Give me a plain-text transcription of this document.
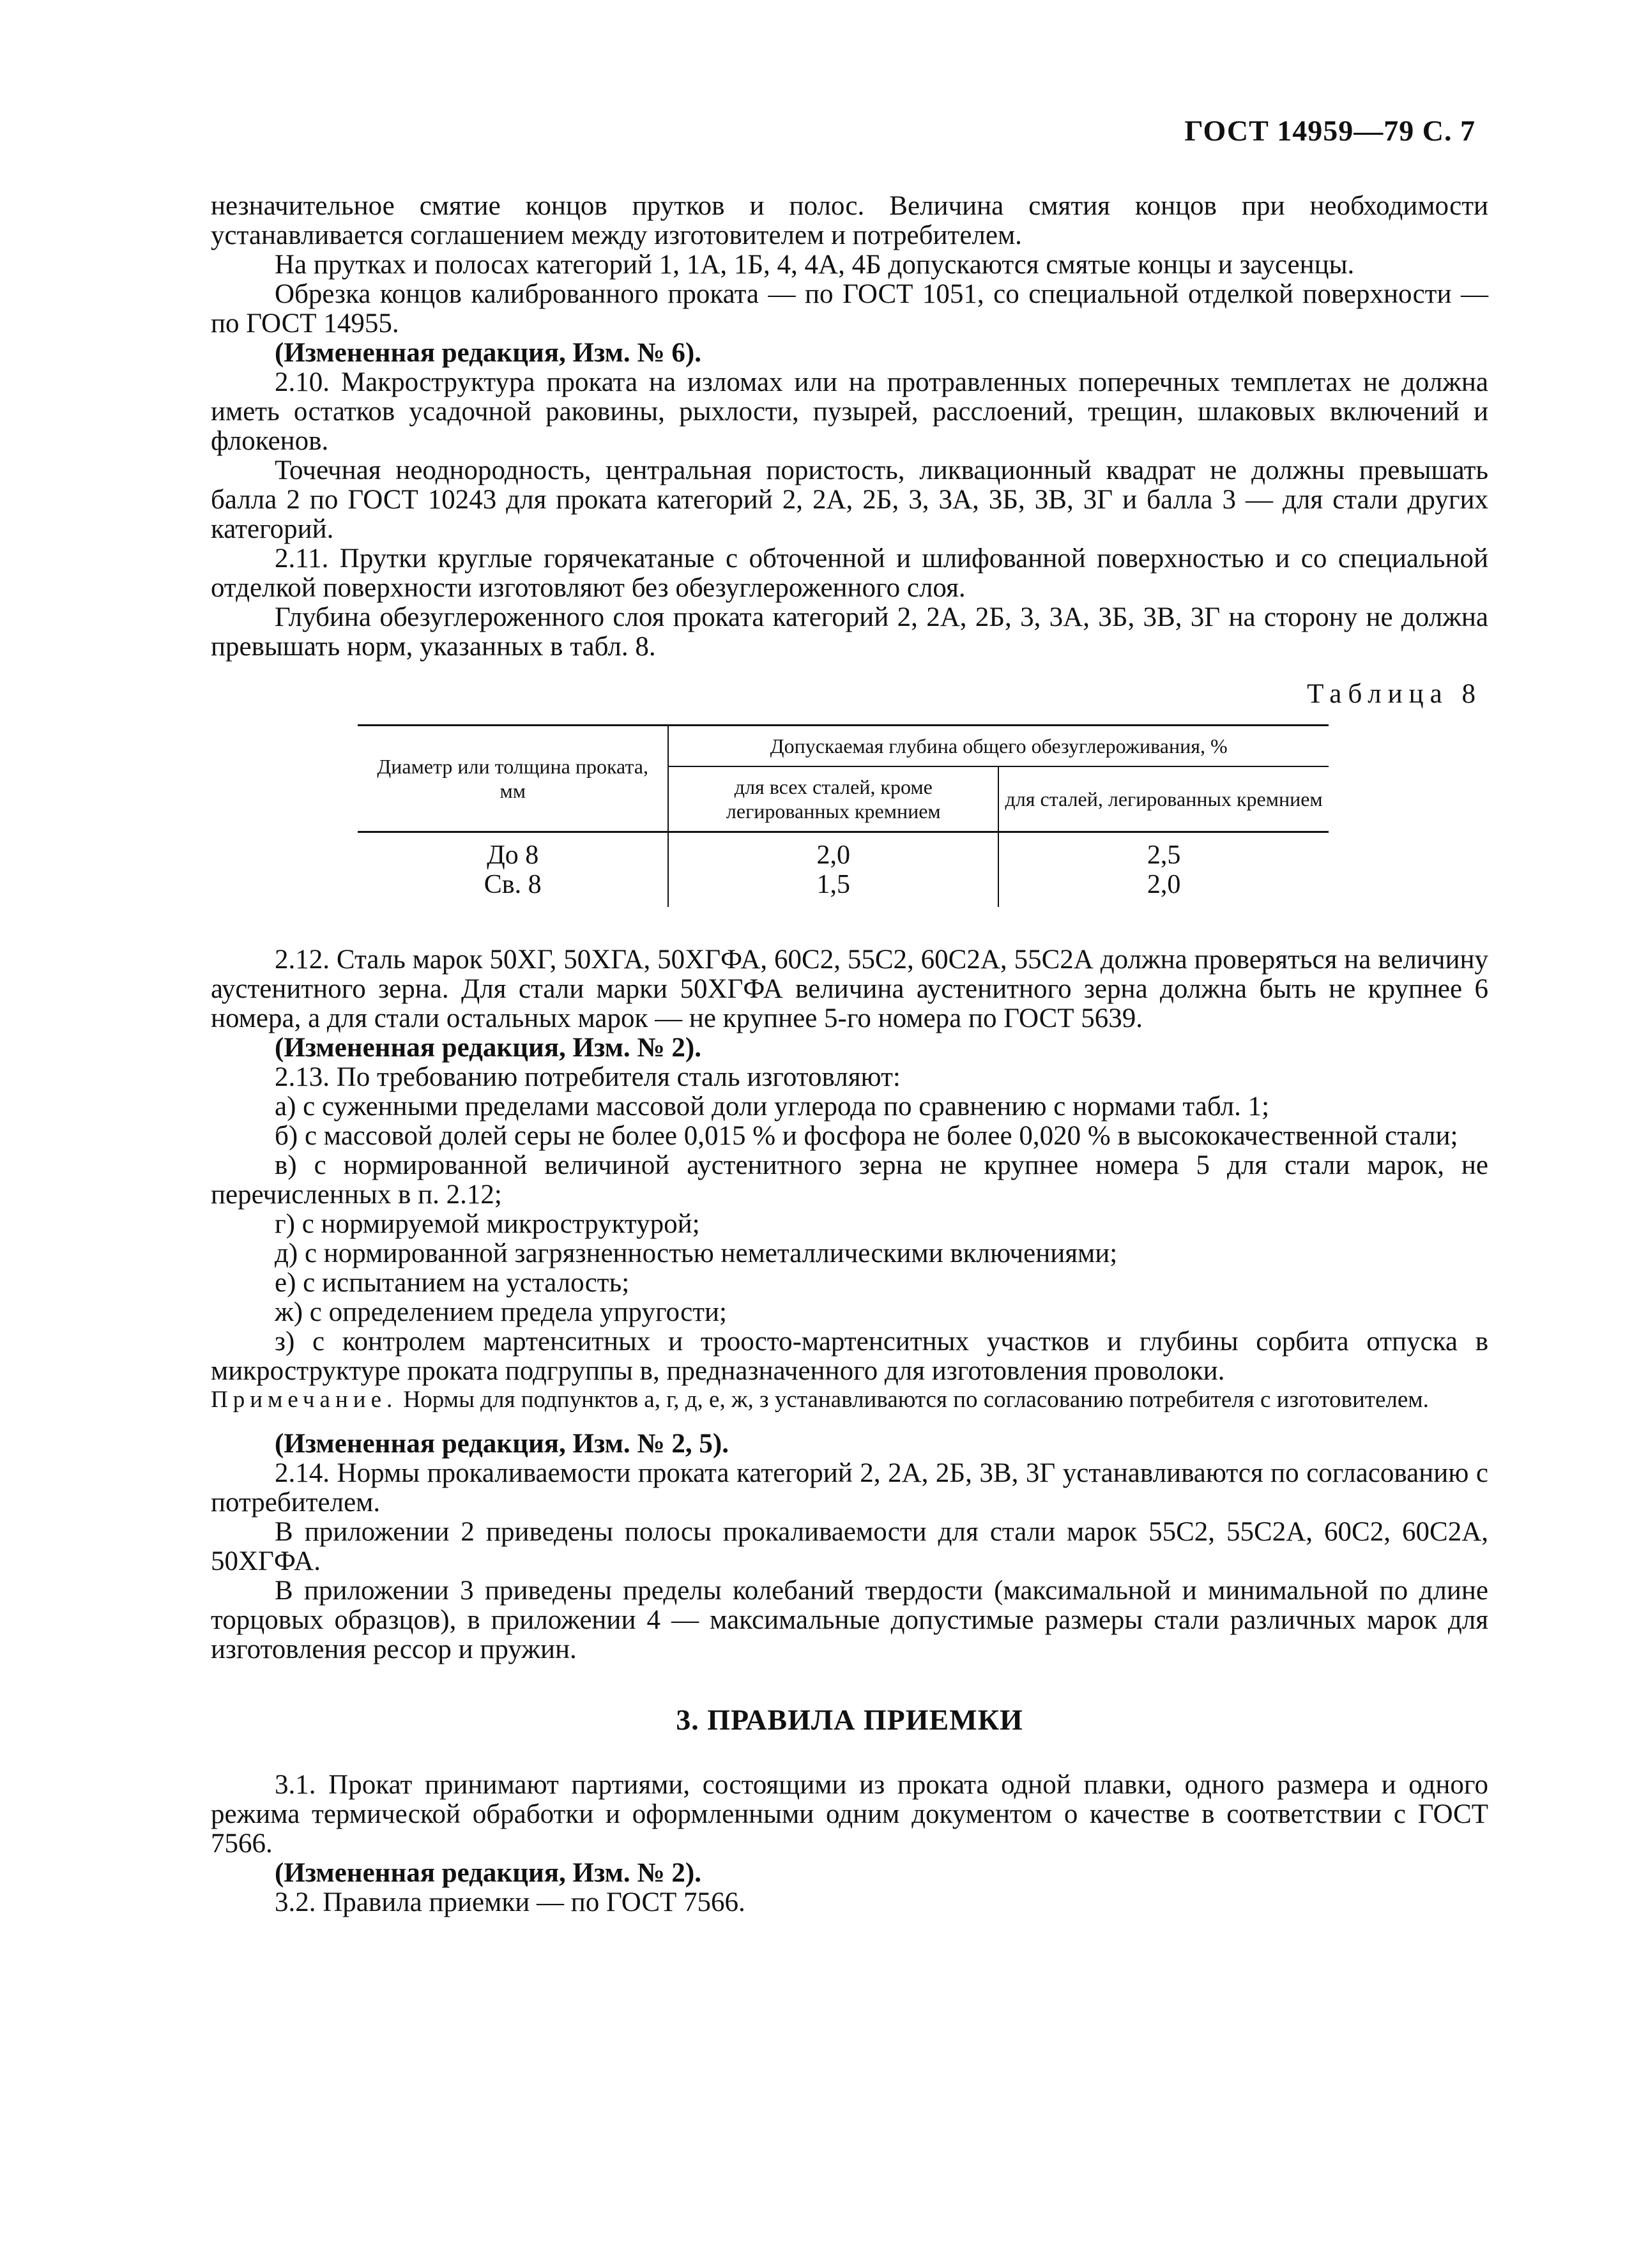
ГОСТ 14959—79 С. 7

незначительное смятие концов прутков и полос. Величина смятия концов при необходимости устанавливается соглашением между изготовителем и потребителем.

На прутках и полосах категорий 1, 1А, 1Б, 4, 4А, 4Б допускаются смятые концы и заусенцы.

Обрезка концов калиброванного проката — по ГОСТ 1051, со специальной отделкой поверхности — по ГОСТ 14955.

(Измененная редакция, Изм. № 6).

2.10. Макроструктура проката на изломах или на протравленных поперечных темплетах не должна иметь остатков усадочной раковины, рыхлости, пузырей, расслоений, трещин, шлаковых включений и флокенов.

Точечная неоднородность, центральная пористость, ликвационный квадрат не должны превышать балла 2 по ГОСТ 10243 для проката категорий 2, 2А, 2Б, 3, 3А, 3Б, 3В, 3Г и балла 3 — для стали других категорий.

2.11. Прутки круглые горячекатаные с обточенной и шлифованной поверхностью и со специальной отделкой поверхности изготовляют без обезуглероженного слоя.

Глубина обезуглероженного слоя проката категорий 2, 2А, 2Б, 3, 3А, 3Б, 3В, 3Г на сторону не должна превышать норм, указанных в табл. 8.

Таблица 8
Диаметр или толщина проката, мм	Допускаемая глубина общего обезуглероживания, %	
	для всех сталей, кроме легированных кремнием	для сталей, легированных кремнием
До 8	2,0	2,5
Св. 8	1,5	2,0

2.12. Сталь марок 50ХГ, 50ХГА, 50ХГФА, 60С2, 55С2, 60С2А, 55С2А должна проверяться на величину аустенитного зерна. Для стали марки 50ХГФА величина аустенитного зерна должна быть не крупнее 6 номера, а для стали остальных марок — не крупнее 5-го номера по ГОСТ 5639.

(Измененная редакция, Изм. № 2).

2.13. По требованию потребителя сталь изготовляют:

а) с суженными пределами массовой доли углерода по сравнению с нормами табл. 1;

б) с массовой долей серы не более 0,015 % и фосфора не более 0,020 % в высококачественной стали;

в) с нормированной величиной аустенитного зерна не крупнее номера 5 для стали марок, не перечисленных в п. 2.12;

г) с нормируемой микроструктурой;

д) с нормированной загрязненностью неметаллическими включениями;

е) с испытанием на усталость;

ж) с определением предела упругости;

з) с контролем мартенситных и троосто-мартенситных участков и глубины сорбита отпуска в микроструктуре проката подгруппы в, предназначенного для изготовления проволоки.

Примечание. Нормы для подпунктов а, г, д, е, ж, з устанавливаются по согласованию потребителя с изготовителем.

(Измененная редакция, Изм. № 2, 5).

2.14. Нормы прокаливаемости проката категорий 2, 2А, 2Б, 3В, 3Г устанавливаются по согласованию с потребителем.

В приложении 2 приведены полосы прокаливаемости для стали марок 55С2, 55С2А, 60С2, 60С2А, 50ХГФА.

В приложении 3 приведены пределы колебаний твердости (максимальной и минимальной по длине торцовых образцов), в приложении 4 — максимальные допустимые размеры стали различных марок для изготовления рессор и пружин.

3. ПРАВИЛА ПРИЕМКИ

3.1. Прокат принимают партиями, состоящими из проката одной плавки, одного размера и одного режима термической обработки и оформленными одним документом о качестве в соответствии с ГОСТ 7566.

(Измененная редакция, Изм. № 2).

3.2. Правила приемки — по ГОСТ 7566.
